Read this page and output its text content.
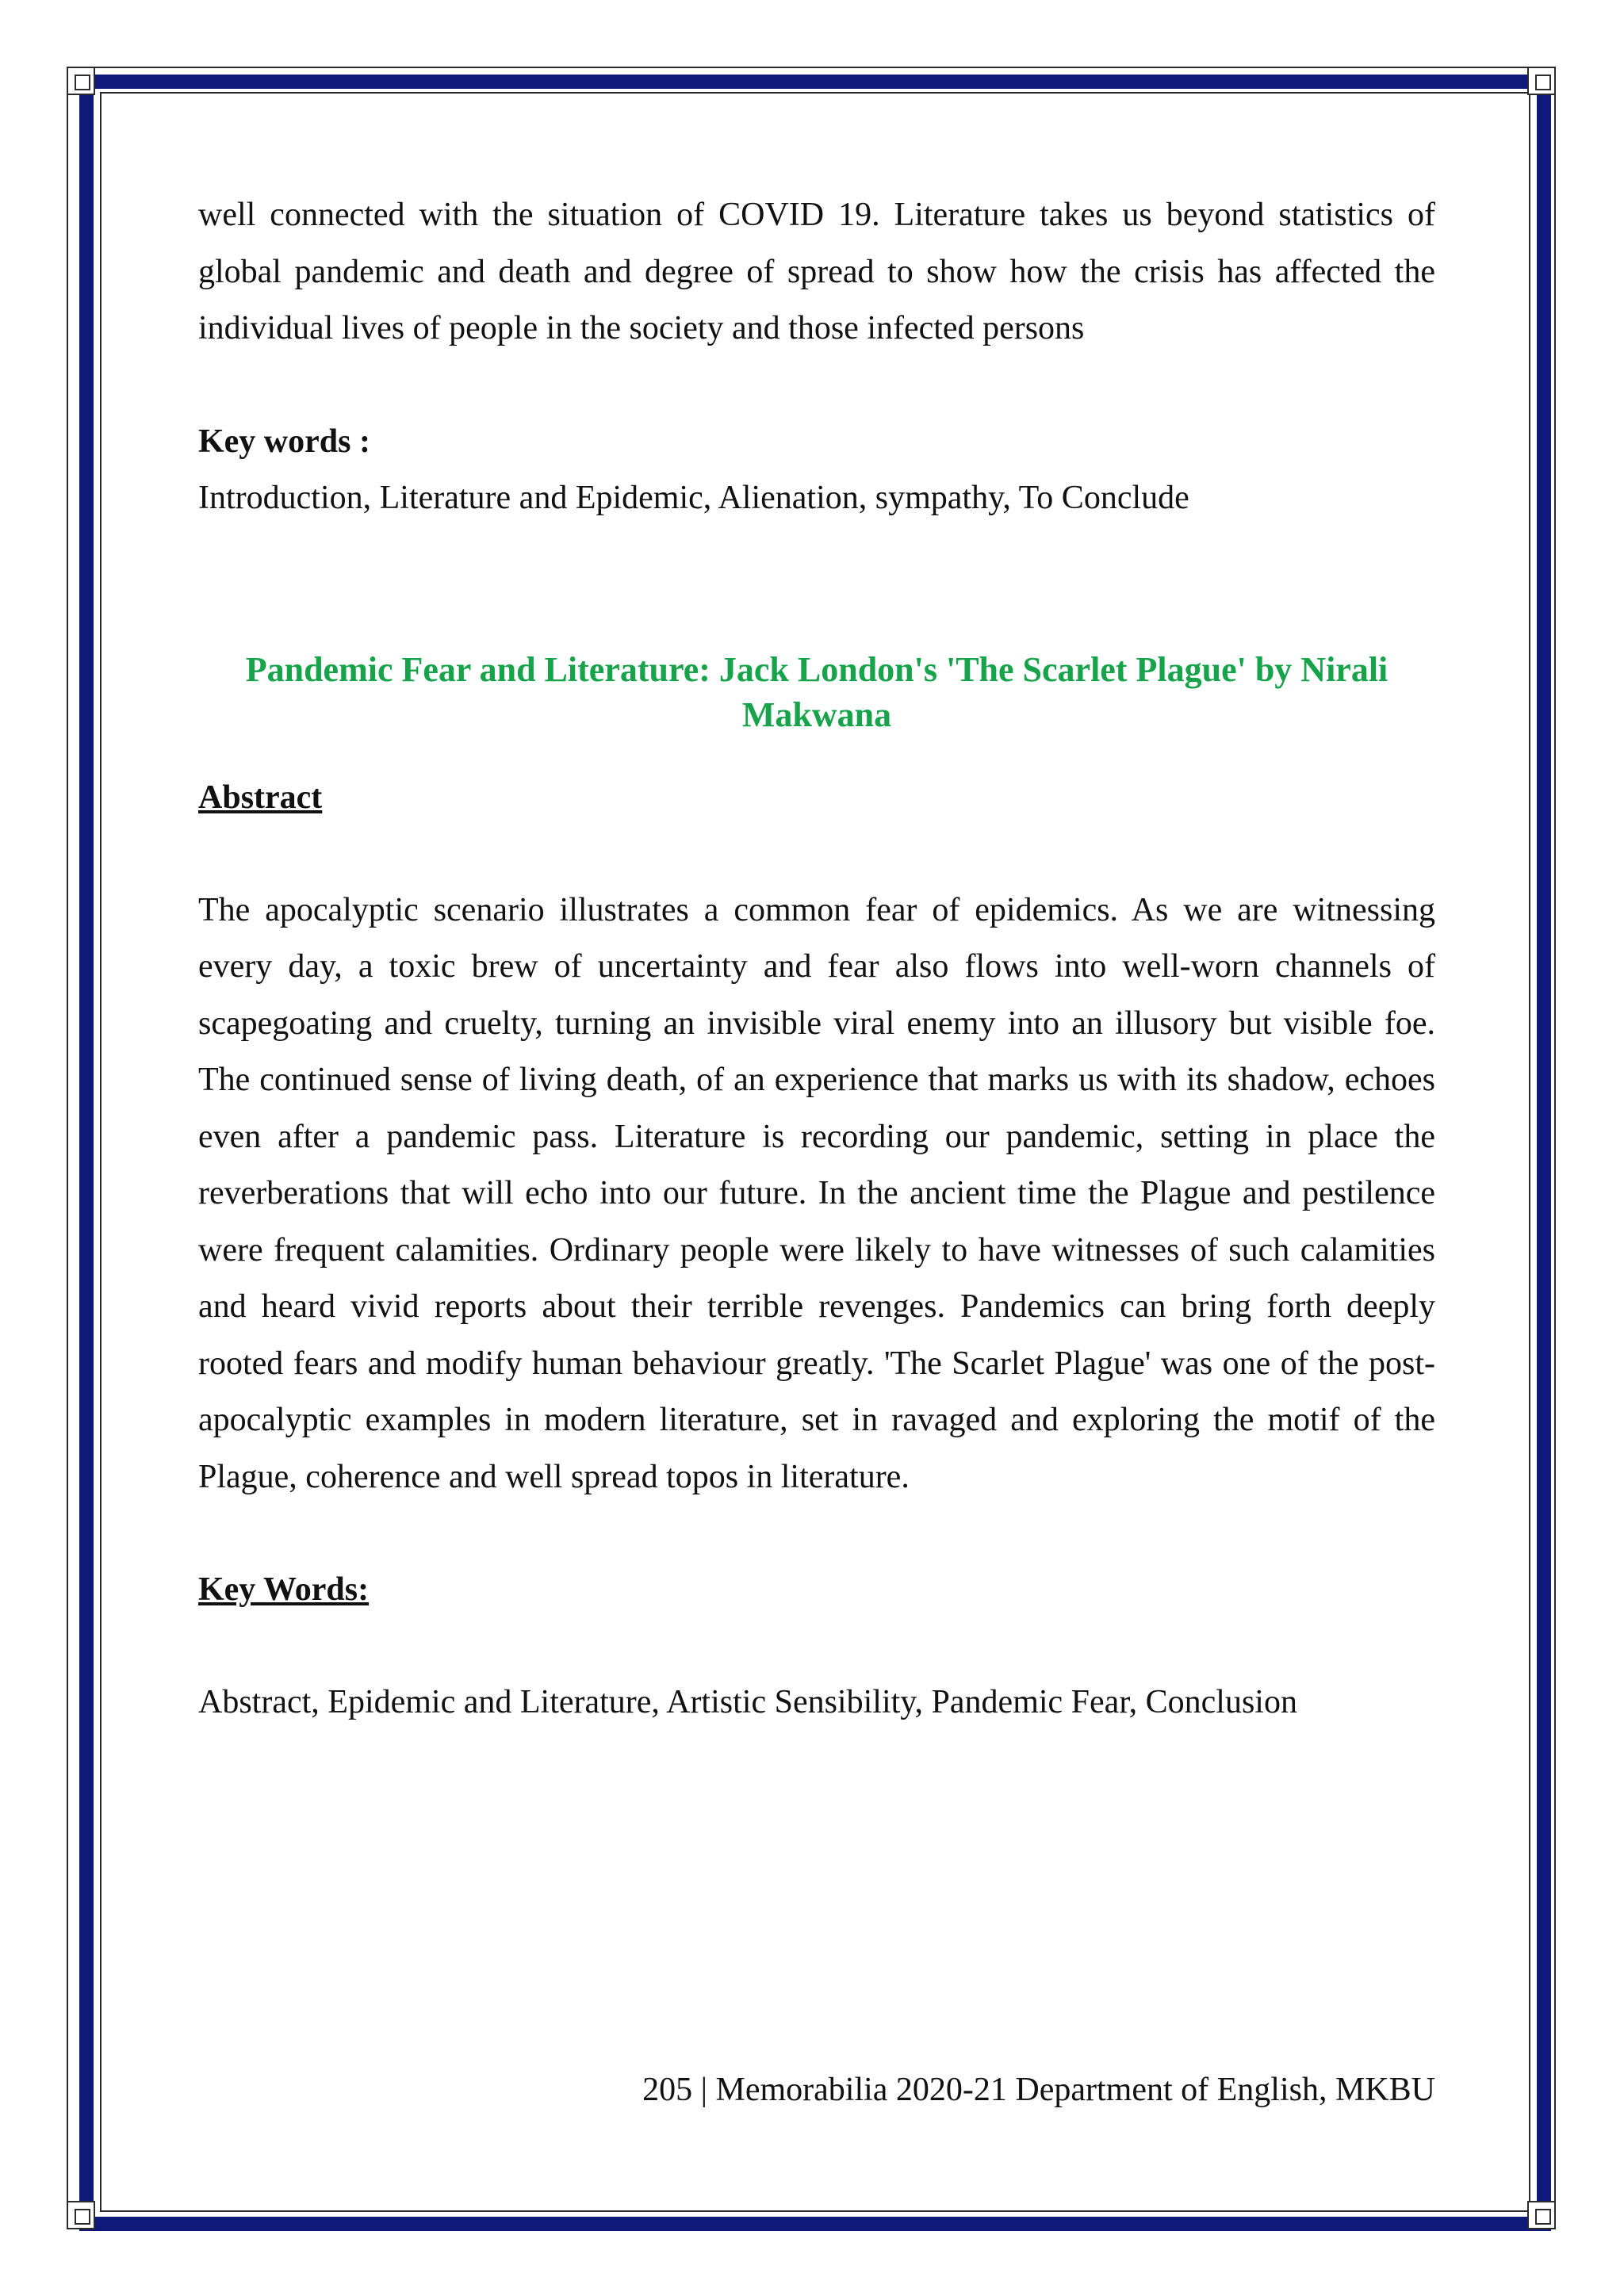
well connected with the situation of COVID 19. Literature takes us beyond statistics of global pandemic and death and degree of spread to show how the crisis has affected the individual lives of people in the society and those infected persons

Key words :

Introduction, Literature and Epidemic, Alienation, sympathy, To Conclude

Pandemic Fear and Literature: Jack London's 'The Scarlet Plague' by Nirali

Makwana

Abstract

The apocalyptic scenario illustrates a common fear of epidemics. As we are witnessing every day, a toxic brew of uncertainty and fear also flows into well-worn channels of scapegoating and cruelty, turning an invisible viral enemy into an illusory but visible foe. The continued sense of living death, of an experience that marks us with its shadow, echoes even after a pandemic pass. Literature is recording our pandemic, setting in place the reverberations that will echo into our future. In the ancient time the Plague and pestilence were frequent calamities. Ordinary people were likely to have witnesses of such calamities and heard vivid reports about their terrible revenges. Pandemics can bring forth deeply rooted fears and modify human behaviour greatly. 'The Scarlet Plague' was one of the post-apocalyptic examples in modern literature, set in ravaged and exploring the motif of the Plague, coherence and well spread topos in literature.

Key Words:

Abstract, Epidemic and Literature, Artistic Sensibility, Pandemic Fear, Conclusion

205 | Memorabilia 2020-21 Department of English, MKBU
